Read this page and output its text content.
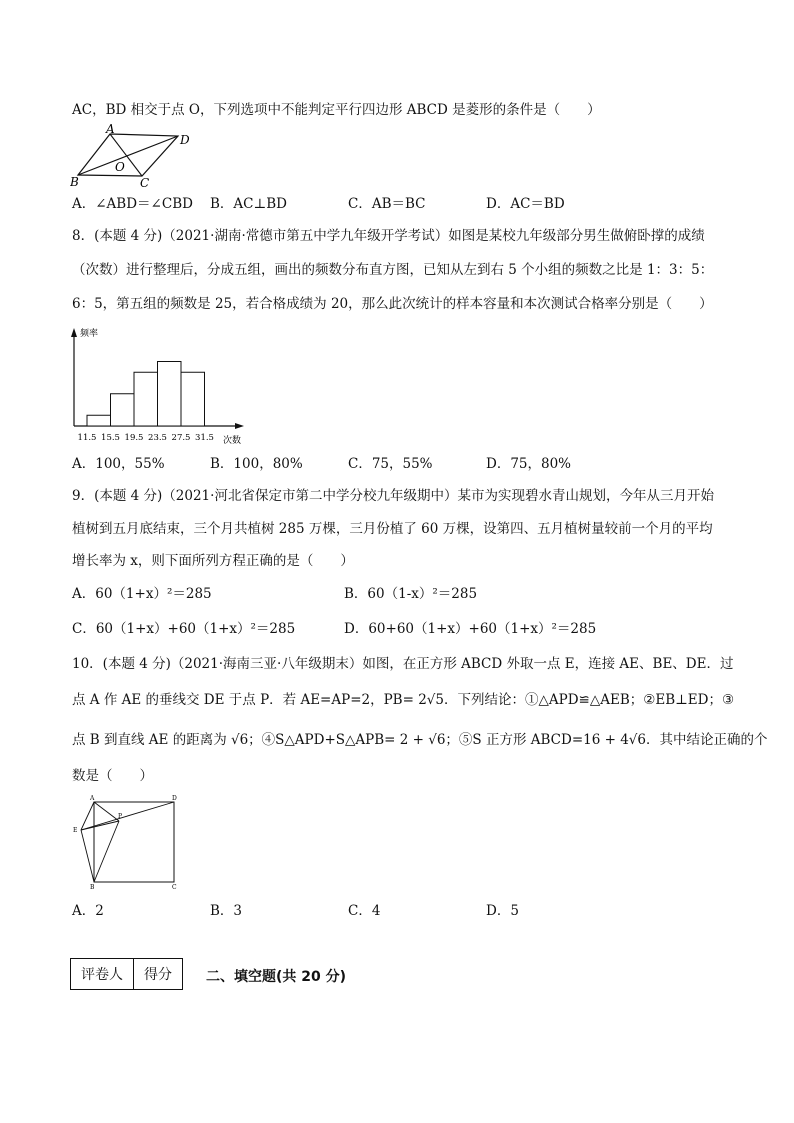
AC，BD 相交于点 O，下列选项中不能判定平行四边形 ABCD 是菱形的条件是（　　）
A
B	C
D
O
A．∠ABD＝∠CBD B．AC⊥BD	C．AB＝BC	D．AC＝BD
8．(本题 4 分)（2021·湖南·常德市第五中学九年级开学考试）如图是某校九年级部分男生做俯卧撑的成绩
（次数）进行整理后，分成五组，画出的频数分布直方图，已知从左到右 5 个小组的频数之比是 1：3：5：
6：5，第五组的频数是 25，若合格成绩为 20，那么此次统计的样本容量和本次测试合格率分别是（　　）
频率
次数
11.5 15.5 19.5 23.5 27.5 31.5
A．100，55%	B．100，80%	C．75，55%	D．75，80%
9．(本题 4 分)（2021·河北省保定市第二中学分校九年级期中）某市为实现碧水青山规划，今年从三月开始
植树到五月底结束，三个月共植树 285 万棵，三月份植了 60 万棵，设第四、五月植树量较前一个月的平均
增长率为 x，则下面所列方程正确的是（　　）
A．60（1+x）²＝285	B．60（1-x）²＝285
C．60（1+x）+60（1+x）²＝285	D．60+60（1+x）+60（1+x）²＝285
10．(本题 4 分)（2021·海南三亚·八年级期末）如图，在正方形 ABCD 外取一点 E，连接 AE、BE、DE．过
点 A 作 AE 的垂线交 DE 于点 P．若 AE=AP=2，PB= 2√5．下列结论：①△APD≌△AEB；②EB⊥ED；③
点 B 到直线 AE 的距离为 √6；④S△APD+S△APB= 2 + √6；⑤S 正方形 ABCD=16 + 4√6．其中结论正确的个
数是（　　）
A	D
E
P
B	C
A．2	B．3	C．4	D．5
评卷人	得分 二、填空题(共 20 分)
